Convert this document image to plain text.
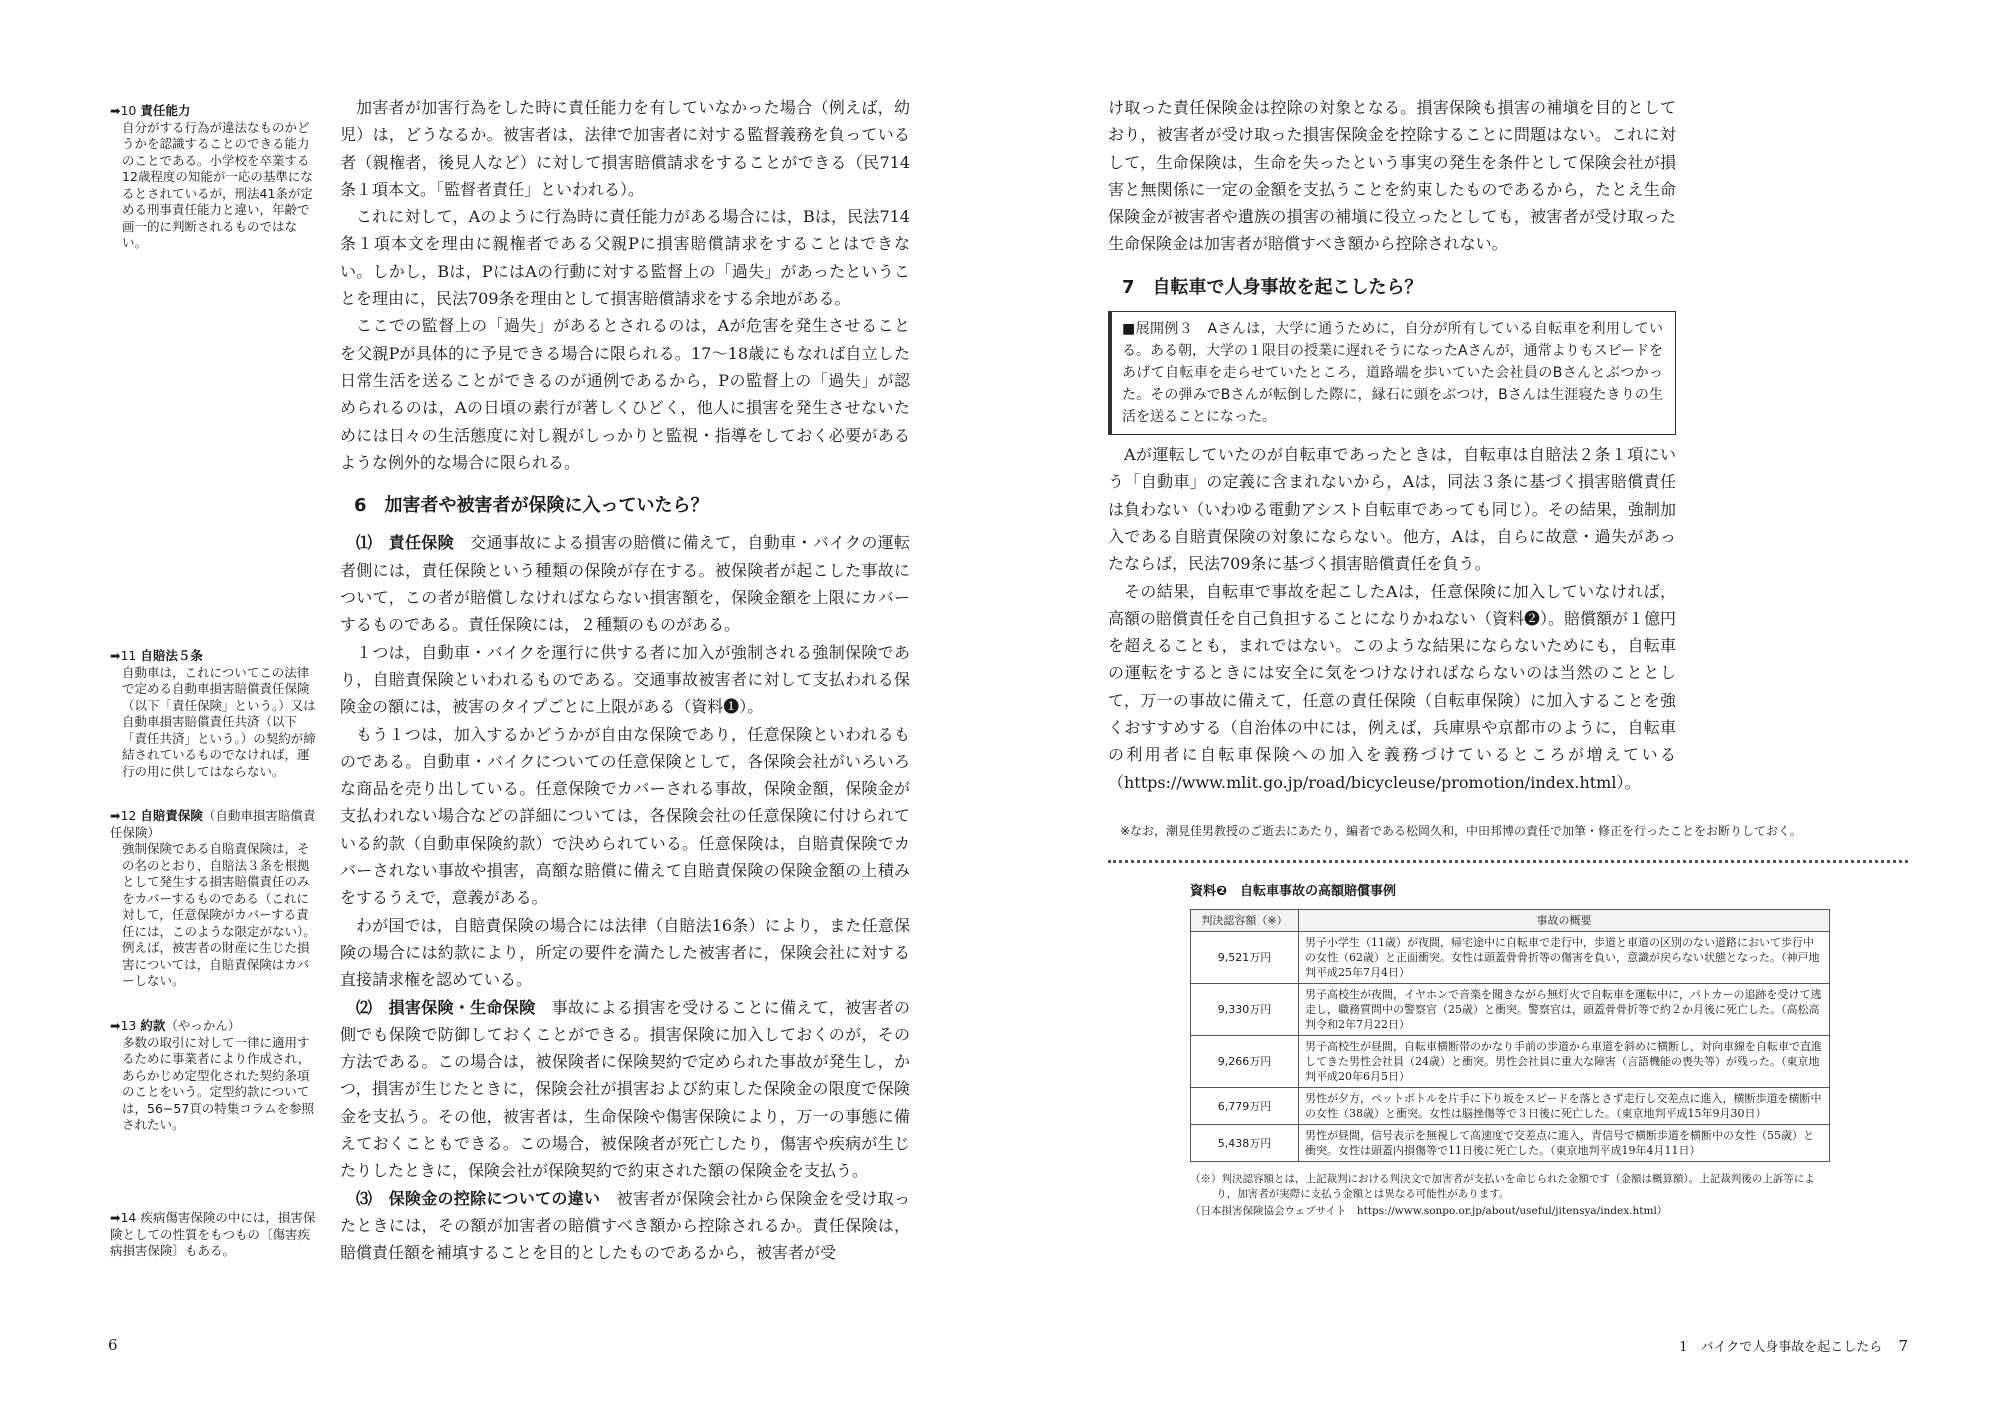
➡10 責任能力
自分がする行為が違法なものかどうかを認識することのできる能力のことである。小学校を卒業する12歳程度の知能が一応の基準になるとされているが，刑法41条が定める刑事責任能力と違い，年齢で画一的に判断されるものではない。
➡11 自賠法５条
自動車は，これについてこの法律で定める自動車損害賠償責任保険（以下「責任保険」という。）又は自動車損害賠償責任共済（以下「責任共済」という。）の契約が締結されているものでなければ，運行の用に供してはならない。
➡12 自賠責保険（自動車損害賠償責任保険）
強制保険である自賠責保険は，その名のとおり，自賠法３条を根拠として発生する損害賠償責任のみをカバーするものである（これに対して，任意保険がカバーする責任には，このような限定がない）。例えば，被害者の財産に生じた損害については，自賠責保険はカバーしない。
➡13 約款（やっかん）
多数の取引に対して一律に適用するために事業者により作成され，あらかじめ定型化された契約条項のことをいう。定型約款については，56−57頁の特集コラムを参照されたい。
➡14 疾病傷害保険の中には，損害保険としての性質をもつもの〔傷害疾病損害保険〕もある。

加害者が加害行為をした時に責任能力を有していなかった場合（例えば，幼児）は，どうなるか。被害者は，法律で加害者に対する監督義務を負っている者（親権者，後見人など）に対して損害賠償請求をすることができる（民714条１項本文。「監督者責任」といわれる）。

これに対して，Aのように行為時に責任能力がある場合には，Bは，民法714条１項本文を理由に親権者である父親Pに損害賠償請求をすることはできない。しかし，Bは，PにはAの行動に対する監督上の「過失」があったということを理由に，民法709条を理由として損害賠償請求をする余地がある。

ここでの監督上の「過失」があるとされるのは，Aが危害を発生させることを父親Pが具体的に予見できる場合に限られる。17〜18歳にもなれば自立した日常生活を送ることができるのが通例であるから，Pの監督上の「過失」が認められるのは，Aの日頃の素行が著しくひどく，他人に損害を発生させないためには日々の生活態度に対し親がしっかりと監視・指導をしておく必要があるような例外的な場合に限られる。

6　加害者や被害者が保険に入っていたら？

⑴　責任保険　 交通事故による損害の賠償に備えて，自動車・バイクの運転者側には，責任保険という種類の保険が存在する。被保険者が起こした事故について，この者が賠償しなければならない損害額を，保険金額を上限にカバーするものである。責任保険には，２種類のものがある。

１つは，自動車・バイクを運行に供する者に加入が強制される強制保険であり，自賠責保険といわれるものである。交通事故被害者に対して支払われる保険金の額には，被害のタイプごとに上限がある（資料❶）。

もう１つは，加入するかどうかが自由な保険であり，任意保険といわれるものである。自動車・バイクについての任意保険として，各保険会社がいろいろな商品を売り出している。任意保険でカバーされる事故，保険金額，保険金が支払われない場合などの詳細については，各保険会社の任意保険に付けられている約款（自動車保険約款）で決められている。任意保険は，自賠責保険でカバーされない事故や損害，高額な賠償に備えて自賠責保険の保険金額の上積みをするうえで，意義がある。

わが国では，自賠責保険の場合には法律（自賠法16条）により，また任意保険の場合には約款により，所定の要件を満たした被害者に，保険会社に対する直接請求権を認めている。

⑵　損害保険・生命保険　 事故による損害を受けることに備えて，被害者の側でも保険で防御しておくことができる。損害保険に加入しておくのが，その方法である。この場合は，被保険者に保険契約で定められた事故が発生し，かつ，損害が生じたときに，保険会社が損害および約束した保険金の限度で保険金を支払う。その他，被害者は，生命保険や傷害保険により，万一の事態に備えておくこともできる。この場合，被保険者が死亡したり，傷害や疾病が生じたりしたときに，保険会社が保険契約で約束された額の保険金を支払う。

⑶　保険金の控除についての違い　 被害者が保険会社から保険金を受け取ったときには，その額が加害者の賠償すべき額から控除されるか。責任保険は，賠償責任額を補填することを目的としたものであるから，被害者が受

け取った責任保険金は控除の対象となる。損害保険も損害の補塡を目的としており，被害者が受け取った損害保険金を控除することに問題はない。これに対して，生命保険は，生命を失ったという事実の発生を条件として保険会社が損害と無関係に一定の金額を支払うことを約束したものであるから，たとえ生命保険金が被害者や遺族の損害の補塡に役立ったとしても，被害者が受け取った生命保険金は加害者が賠償すべき額から控除されない。

7　自転車で人身事故を起こしたら？
■展開例３　Aさんは，大学に通うために，自分が所有している自転車を利用している。ある朝，大学の１限目の授業に遅れそうになったAさんが，通常よりもスピードをあげて自転車を走らせていたところ，道路端を歩いていた会社員のBさんとぶつかった。その弾みでBさんが転倒した際に，縁石に頭をぶつけ，Bさんは生涯寝たきりの生活を送ることになった。

Aが運転していたのが自転車であったときは，自転車は自賠法２条１項にいう「自動車」の定義に含まれないから，Aは，同法３条に基づく損害賠償責任は負わない（いわゆる電動アシスト自転車であっても同じ）。その結果，強制加入である自賠責保険の対象にならない。他方，Aは，自らに故意・過失があったならば，民法709条に基づく損害賠償責任を負う。

その結果，自転車で事故を起こしたAは，任意保険に加入していなければ，高額の賠償責任を自己負担することになりかねない（資料❷）。賠償額が１億円を超えることも，まれではない。このような結果にならないためにも，自転車の運転をするときには安全に気をつけなければならないのは当然のこととして，万一の事故に備えて，任意の責任保険（自転車保険）に加入することを強くおすすめする（自治体の中には，例えば，兵庫県や京都市のように，自転車の利用者に自転車保険への加入を義務づけているところが増えている（https://www.mlit.go.jp/road/bicycleuse/promotion/index.html）。

※なお，潮見佳男教授のご逝去にあたり，編者である松岡久和，中田邦博の責任で加筆・修正を行ったことをお断りしておく。
資料❷　自転車事故の高額賠償事例
判決認容額（※）	事故の概要
9,521万円	男子小学生（11歳）が夜間，帰宅途中に自転車で走行中，歩道と車道の区別のない道路において歩行中の女性（62歳）と正面衝突。女性は頭蓋骨骨折等の傷害を負い，意識が戻らない状態となった。（神戸地判平成25年7月4日）
9,330万円	男子高校生が夜間，イヤホンで音楽を聞きながら無灯火で自転車を運転中に，パトカーの追跡を受けて逃走し，職務質問中の警察官（25歳）と衝突。警察官は，頭蓋骨骨折等で約２か月後に死亡した。（高松高判令和2年7月22日）
9,266万円	男子高校生が昼間，自転車横断帯のかなり手前の歩道から車道を斜めに横断し，対向車線を自転車で直進してきた男性会社員（24歳）と衝突。男性会社員に重大な障害（言語機能の喪失等）が残った。（東京地判平成20年6月5日）
6,779万円	男性が夕方，ペットボトルを片手に下り坂をスピードを落とさず走行し交差点に進入，横断歩道を横断中の女性（38歳）と衝突。女性は脳挫傷等で３日後に死亡した。（東京地判平成15年9月30日）
5,438万円	男性が昼間，信号表示を無視して高速度で交差点に進入，青信号で横断歩道を横断中の女性（55歳）と衝突。女性は頭蓋内損傷等で11日後に死亡した。（東京地判平成19年4月11日）
（※）判決認容額とは，上記裁判における判決文で加害者が支払いを命じられた金額です（金額は概算額）。上記裁判後の上訴等により，加害者が実際に支払う金額とは異なる可能性があります。
（日本損害保険協会ウェブサイト　https://www.sonpo.or.jp/about/useful/jitensya/index.html）
6	1　バイクで人身事故を起こしたら 7
